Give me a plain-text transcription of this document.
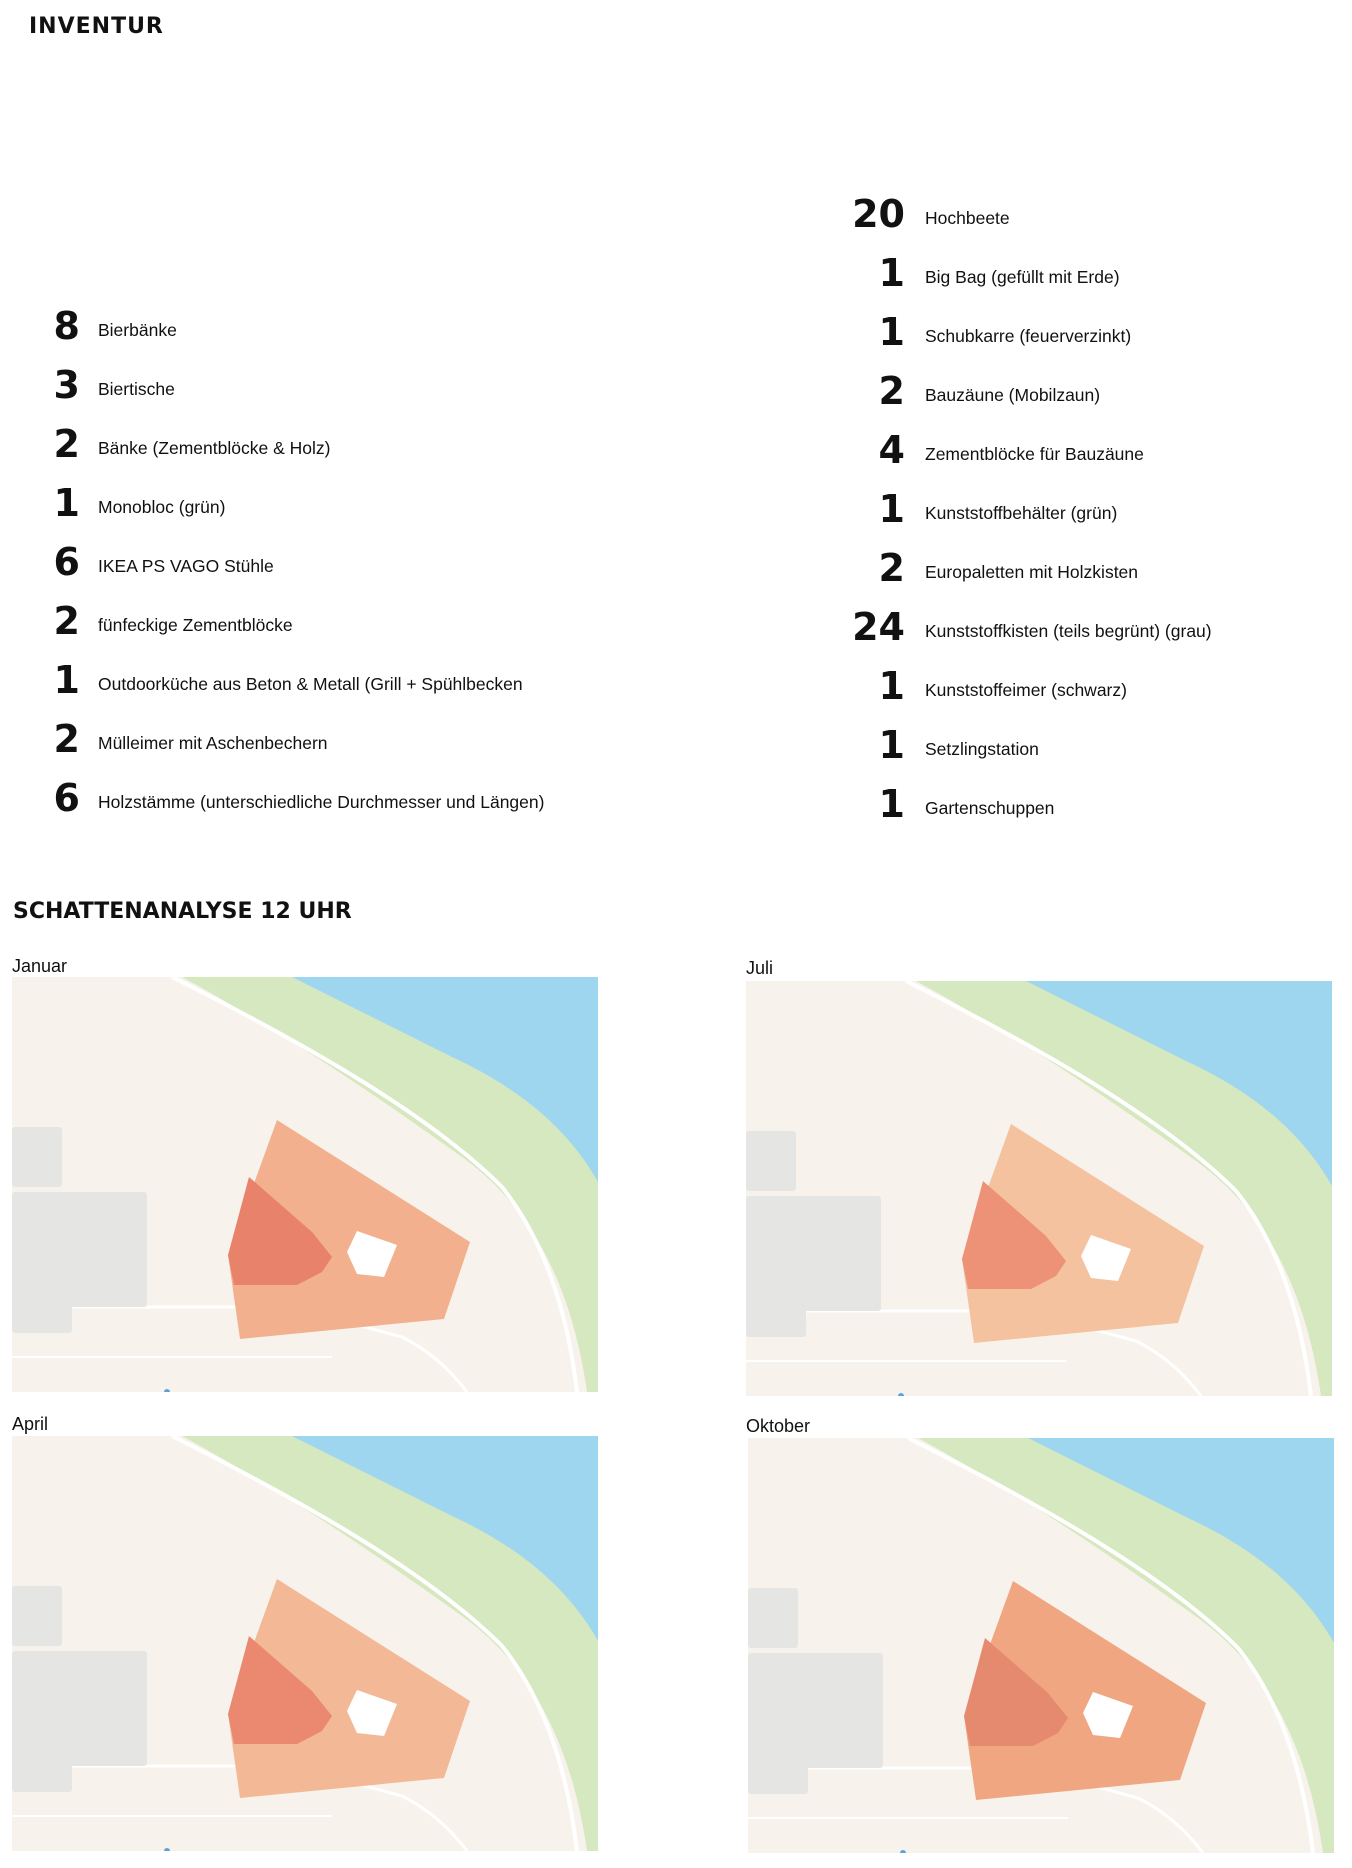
INVENTUR
8 Bierbänke
3 Biertische
2 Bänke (Zementblöcke & Holz)
1 Monobloc (grün)
6 IKEA PS VAGO Stühle
2 fünfeckige Zementblöcke
1 Outdoorküche aus Beton & Metall (Grill + Spühlbecken
2 Mülleimer mit Aschenbechern
6 Holzstämme (unterschiedliche Durchmesser und Längen)
20 Hochbeete
1 Big Bag (gefüllt mit Erde)
1 Schubkarre (feuerverzinkt)
2 Bauzäune (Mobilzaun)
4 Zementblöcke für Bauzäune
1 Kunststoffbehälter (grün)
2 Europaletten mit Holzkisten
24 Kunststoffkisten (teils begrünt) (grau)
1 Kunststoffeimer (schwarz)
1 Setzlingstation
1 Gartenschuppen
SCHATTENANALYSE 12 UHR
Januar	Juli
April	Oktober
